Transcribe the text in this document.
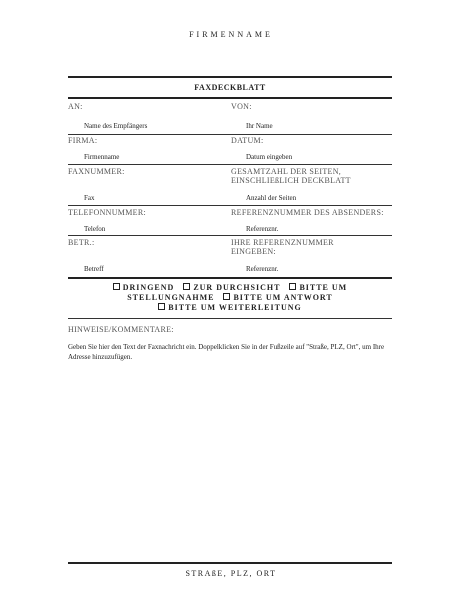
FIRMENNAME
FAXDECKBLATT
AN:
Name des Empfängers
VON:
Ihr Name
FIRMA:
Firmenname
DATUM:
Datum eingeben
FAXNUMMER:
Fax
GESAMTZAHL DER SEITEN,
EINSCHLIEßLICH DECKBLATT
Anzahl der Seiten
TELEFONNUMMER:
Telefon
REFERENZNUMMER DES ABSENDERS:
Referenznr.
BETR.:
Betreff
IHRE REFERENZNUMMER
EINGEBEN:
Referenznr.
DRINGEND ZUR DURCHSICHT BITTE UM STELLUNGNAHME BITTE UM ANTWORT
BITTE UM WEITERLEITUNG
HINWEISE/KOMMENTARE:
Geben Sie hier den Text der Faxnachricht ein. Doppelklicken Sie in der Fußzeile auf "Straße, PLZ, Ort", um Ihre Adresse hinzuzufügen.
STRAßE, PLZ, ORT
